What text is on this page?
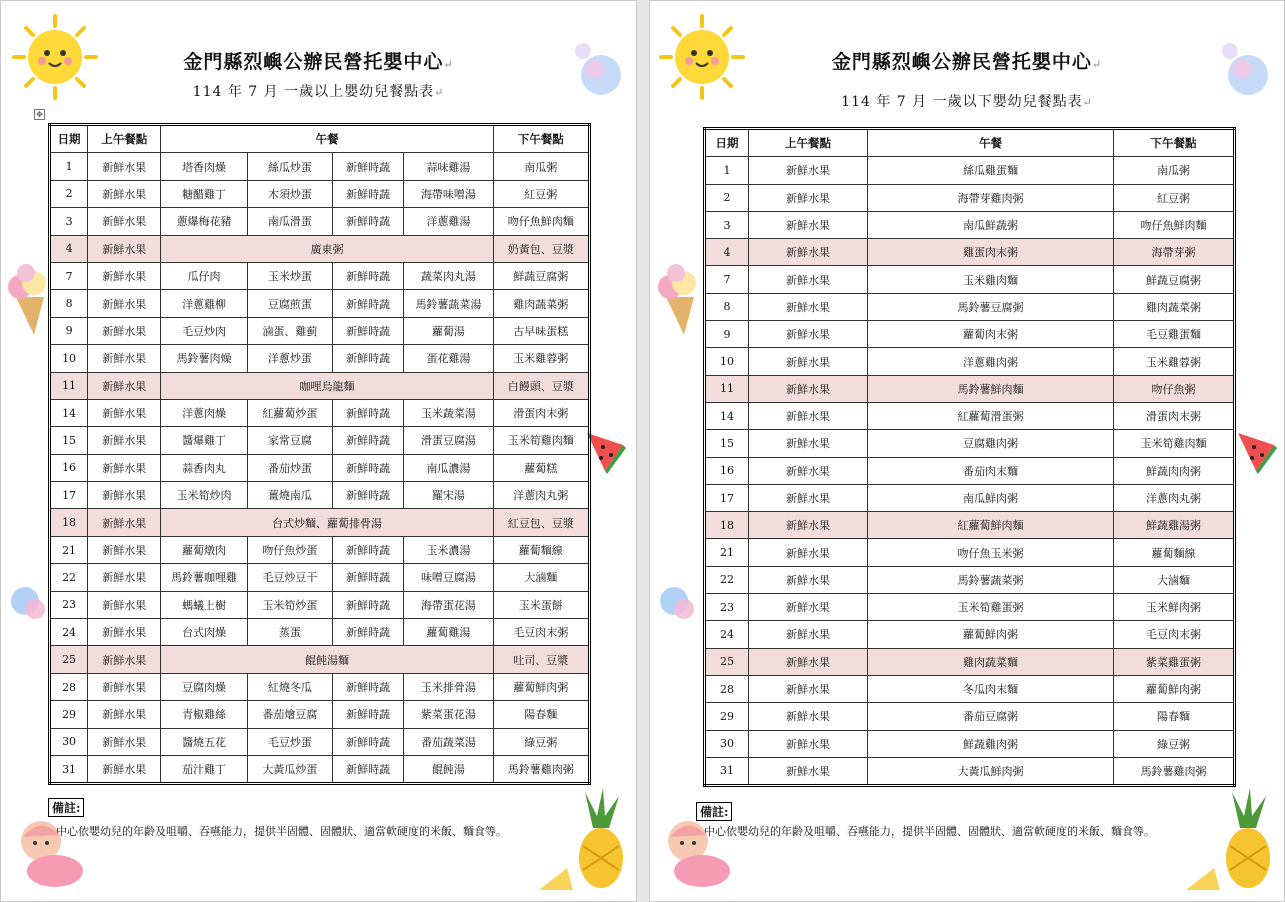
✥
金門縣烈嶼公辦民營托嬰中心↵
114 年 7 月 一歲以上嬰幼兒餐點表↵
日期	上午餐點	午餐				下午餐點
1	新鮮水果	塔香肉燥	絲瓜炒蛋	新鮮時蔬	蒜味雞湯	南瓜粥
2	新鮮水果	糖醋雞丁	木須炒蛋	新鮮時蔬	海帶味噌湯	紅豆粥
3	新鮮水果	蔥爆梅花豬	南瓜滑蛋	新鮮時蔬	洋蔥雞湯	吻仔魚鮮肉麵
4	新鮮水果	廣東粥				奶黃包、豆漿
7	新鮮水果	瓜仔肉	玉米炒蛋	新鮮時蔬	蔬菜肉丸湯	鮮蔬豆腐粥
8	新鮮水果	洋蔥雞柳	豆腐煎蛋	新鮮時蔬	馬鈴薯蔬菜湯	雞肉蔬菜粥
9	新鮮水果	毛豆炒肉	滷蛋、雞蓟	新鮮時蔬	蘿蔔湯	古早味蛋糕
10	新鮮水果	馬鈴薯肉燥	洋蔥炒蛋	新鮮時蔬	蛋花雞湯	玉米雞蓉粥
11	新鮮水果	咖哩烏龍麵				白饅頭、豆漿
14	新鮮水果	洋蔥肉燥	紅蘿蔔炒蛋	新鮮時蔬	玉米蔬菜湯	滑蛋肉末粥
15	新鮮水果	醬爆雞丁	家常豆腐	新鮮時蔬	滑蛋豆腐湯	玉米筍雞肉麵
16	新鮮水果	蒜香肉丸	番茄炒蛋	新鮮時蔬	南瓜濃湯	蘿蔔糕
17	新鮮水果	玉米筍炒肉	薑燒南瓜	新鮮時蔬	羅宋湯	洋蔥肉丸粥
18	新鮮水果	台式炒麵、蘿蔔排骨湯				紅豆包、豆漿
21	新鮮水果	蘿蔔燉肉	吻仔魚炒蛋	新鮮時蔬	玉米濃湯	蘿蔔麵線
22	新鮮水果	馬鈴薯咖哩雞	毛豆炒豆干	新鮮時蔬	味噌豆腐湯	大滷麵
23	新鮮水果	螞蟻上樹	玉米筍炒蛋	新鮮時蔬	海帶蛋花湯	玉米蛋餅
24	新鮮水果	台式肉燥	蒸蛋	新鮮時蔬	蘿蔔雞湯	毛豆肉末粥
25	新鮮水果	餛飩湯麵				吐司、豆漿
28	新鮮水果	豆腐肉燥	紅燒冬瓜	新鮮時蔬	玉米排骨湯	蘿蔔鮮肉粥
29	新鮮水果	青椒雞絲	番茄燴豆腐	新鮮時蔬	紫菜蛋花湯	陽春麵
30	新鮮水果	醬燒五花	毛豆炒蛋	新鮮時蔬	番茄蔬菜湯	綠豆粥
31	新鮮水果	茄汁雞丁	大黃瓜炒蛋	新鮮時蔬	餛飩湯	馬鈴薯雞肉粥
備註:
中心依嬰幼兒的年齡及咀嚼、吞嚥能力，提供半固體、固體狀、適當軟硬度的米飯、麵食等。
金門縣烈嶼公辦民營托嬰中心↵
114 年 7 月 一歲以下嬰幼兒餐點表↵
日期	上午餐點	午餐	下午餐點
1	新鮮水果	絲瓜雞蛋麵	南瓜粥
2	新鮮水果	海帶芽雞肉粥	紅豆粥
3	新鮮水果	南瓜鮮蔬粥	吻仔魚鮮肉麵
4	新鮮水果	雞蛋肉末粥	海帶芽粥
7	新鮮水果	玉米雞肉麵	鮮蔬豆腐粥
8	新鮮水果	馬鈴薯豆腐粥	雞肉蔬菜粥
9	新鮮水果	蘿蔔肉末粥	毛豆雞蛋麵
10	新鮮水果	洋蔥雞肉粥	玉米雞蓉粥
11	新鮮水果	馬鈴薯鮮肉麵	吻仔魚粥
14	新鮮水果	紅蘿蔔滑蛋粥	滑蛋肉末粥
15	新鮮水果	豆腐雞肉粥	玉米筍雞肉麵
16	新鮮水果	番茄肉末麵	鮮蔬肉肉粥
17	新鮮水果	南瓜鮮肉粥	洋蔥肉丸粥
18	新鮮水果	紅蘿蔔鮮肉麵	鮮蔬雞湯粥
21	新鮮水果	吻仔魚玉米粥	蘿蔔麵線
22	新鮮水果	馬鈴薯蔬菜粥	大滷麵
23	新鮮水果	玉米筍雞蛋粥	玉米鮮肉粥
24	新鮮水果	蘿蔔鮮肉粥	毛豆肉末粥
25	新鮮水果	雞肉蔬菜麵	紫菜雞蛋粥
28	新鮮水果	冬瓜肉末麵	蘿蔔鮮肉粥
29	新鮮水果	番茄豆腐粥	陽春麵
30	新鮮水果	鮮蔬雞肉粥	綠豆粥
31	新鮮水果	大黃瓜鮮肉粥	馬鈴薯雞肉粥
備註:
中心依嬰幼兒的年齡及咀嚼、吞嚥能力，提供半固體、固體狀、適當軟硬度的米飯、麵食等。
